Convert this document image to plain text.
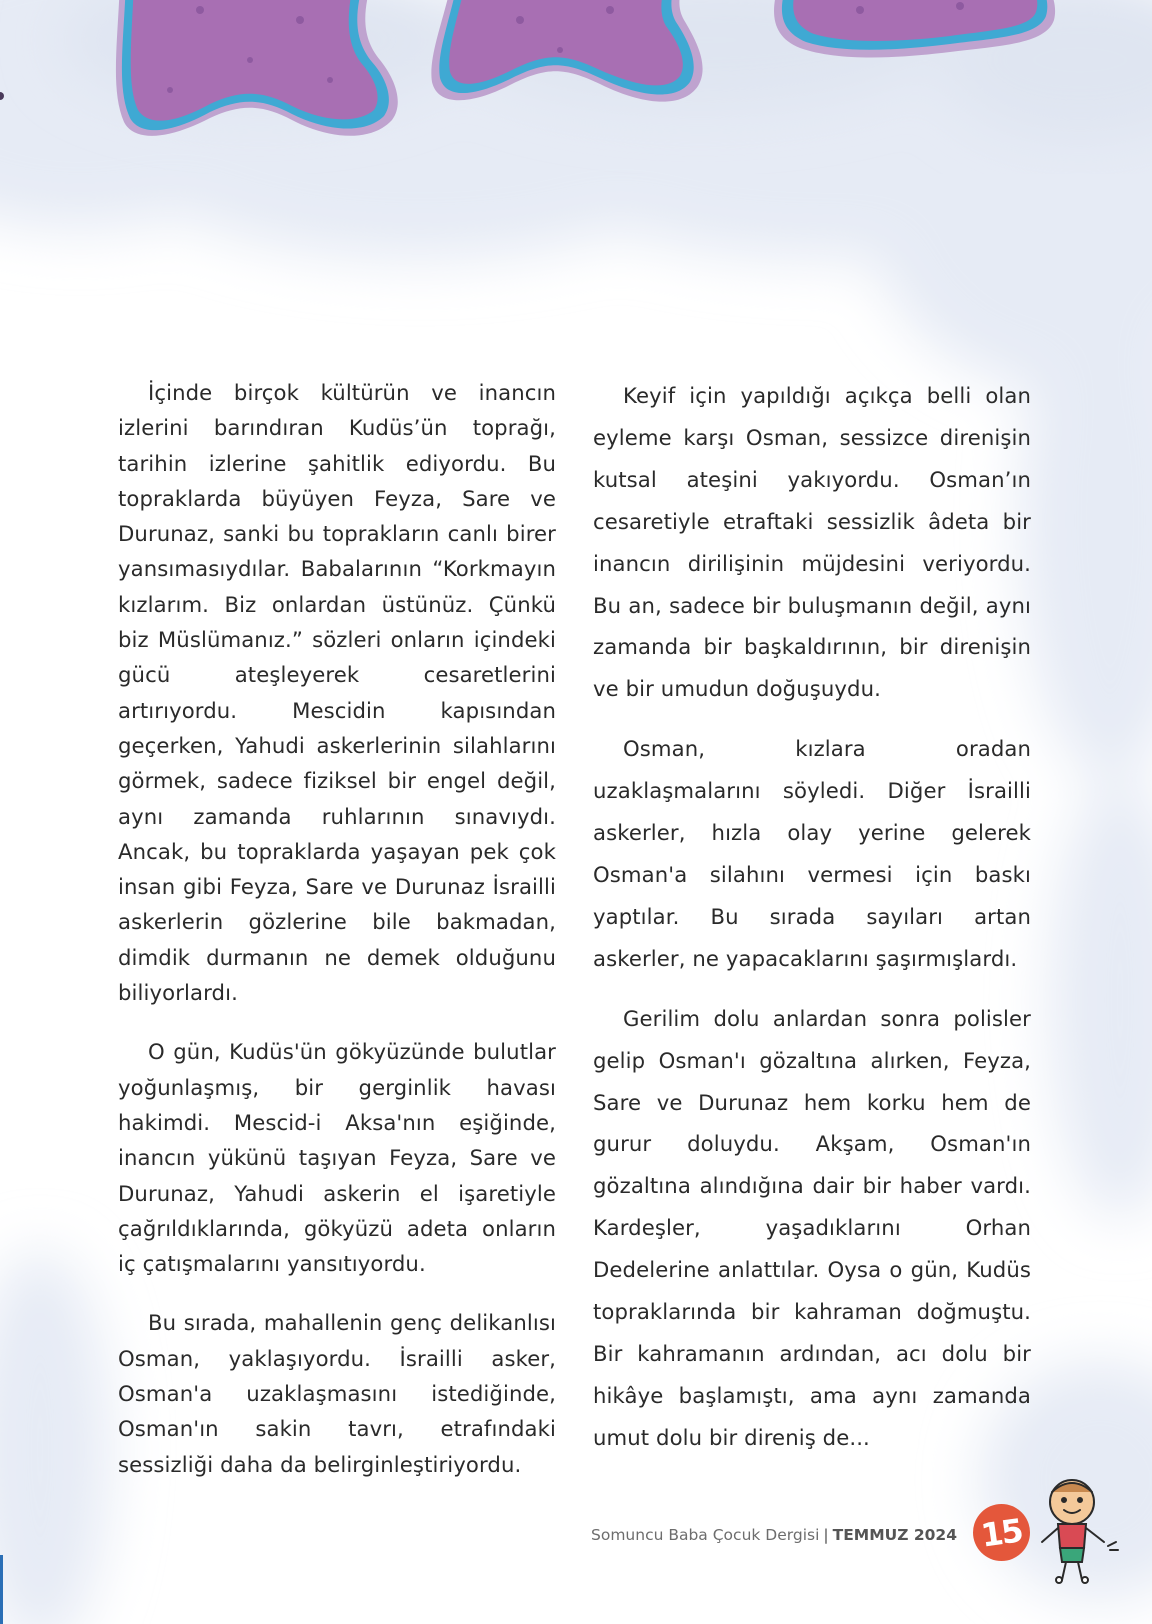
İçinde birçok kültürün ve inancın izlerini barındıran Kudüs’ün toprağı, tarihin izlerine şahitlik ediyordu. Bu topraklarda büyüyen Feyza, Sare ve Durunaz, sanki bu toprakların canlı birer yansımasıydılar. Babalarının “Korkmayın kızlarım. Biz onlardan üstünüz. Çünkü biz Müslümanız.” sözleri onların içindeki gücü ateşleyerek cesaretlerini artırıyordu. Mescidin kapısından geçerken, Yahudi askerlerinin silahlarını görmek, sadece fiziksel bir engel değil, aynı zamanda ruhlarının sınavıydı. Ancak, bu topraklarda yaşayan pek çok insan gibi Feyza, Sare ve Durunaz İsrailli askerlerin gözlerine bile bakmadan, dimdik durmanın ne demek olduğunu biliyorlardı.

O gün, Kudüs'ün gökyüzünde bulutlar yoğunlaşmış, bir gerginlik havası hakimdi. Mescid-i Aksa'nın eşiğinde, inancın yükünü taşıyan Feyza, Sare ve Durunaz, Yahudi askerin el işaretiyle çağrıldıklarında, gökyüzü adeta onların iç çatışmalarını yansıtıyordu.

Bu sırada, mahallenin genç delikanlısı Osman, yaklaşıyordu. İsrailli asker, Osman'a uzaklaşmasını istediğinde, Osman'ın sakin tavrı, etrafındaki sessizliği daha da belirginleştiriyordu.

Keyif için yapıldığı açıkça belli olan eyleme karşı Osman, sessizce direnişin kutsal ateşini yakıyordu. Osman’ın cesaretiyle etraftaki sessizlik âdeta bir inancın dirilişinin müjdesini veriyordu. Bu an, sadece bir buluşmanın değil, aynı zamanda bir başkaldırının, bir direnişin ve bir umudun doğuşuydu.

Osman, kızlara oradan uzaklaşmalarını söyledi. Diğer İsrailli askerler, hızla olay yerine gelerek Osman'a silahını vermesi için baskı yaptılar. Bu sırada sayıları artan askerler, ne yapacaklarını şaşırmışlardı.

Gerilim dolu anlardan sonra polisler gelip Osman'ı gözaltına alırken, Feyza, Sare ve Durunaz hem korku hem de gurur doluydu. Akşam, Osman'ın gözaltına alındığına dair bir haber vardı. Kardeşler, yaşadıklarını Orhan Dedelerine anlattılar. Oysa o gün, Kudüs topraklarında bir kahraman doğmuştu. Bir kahramanın ardından, acı dolu bir hikâye başlamıştı, ama aynı zamanda umut dolu bir direniş de...

Somuncu Baba Çocuk Dergisi | TEMMUZ 2024 15
